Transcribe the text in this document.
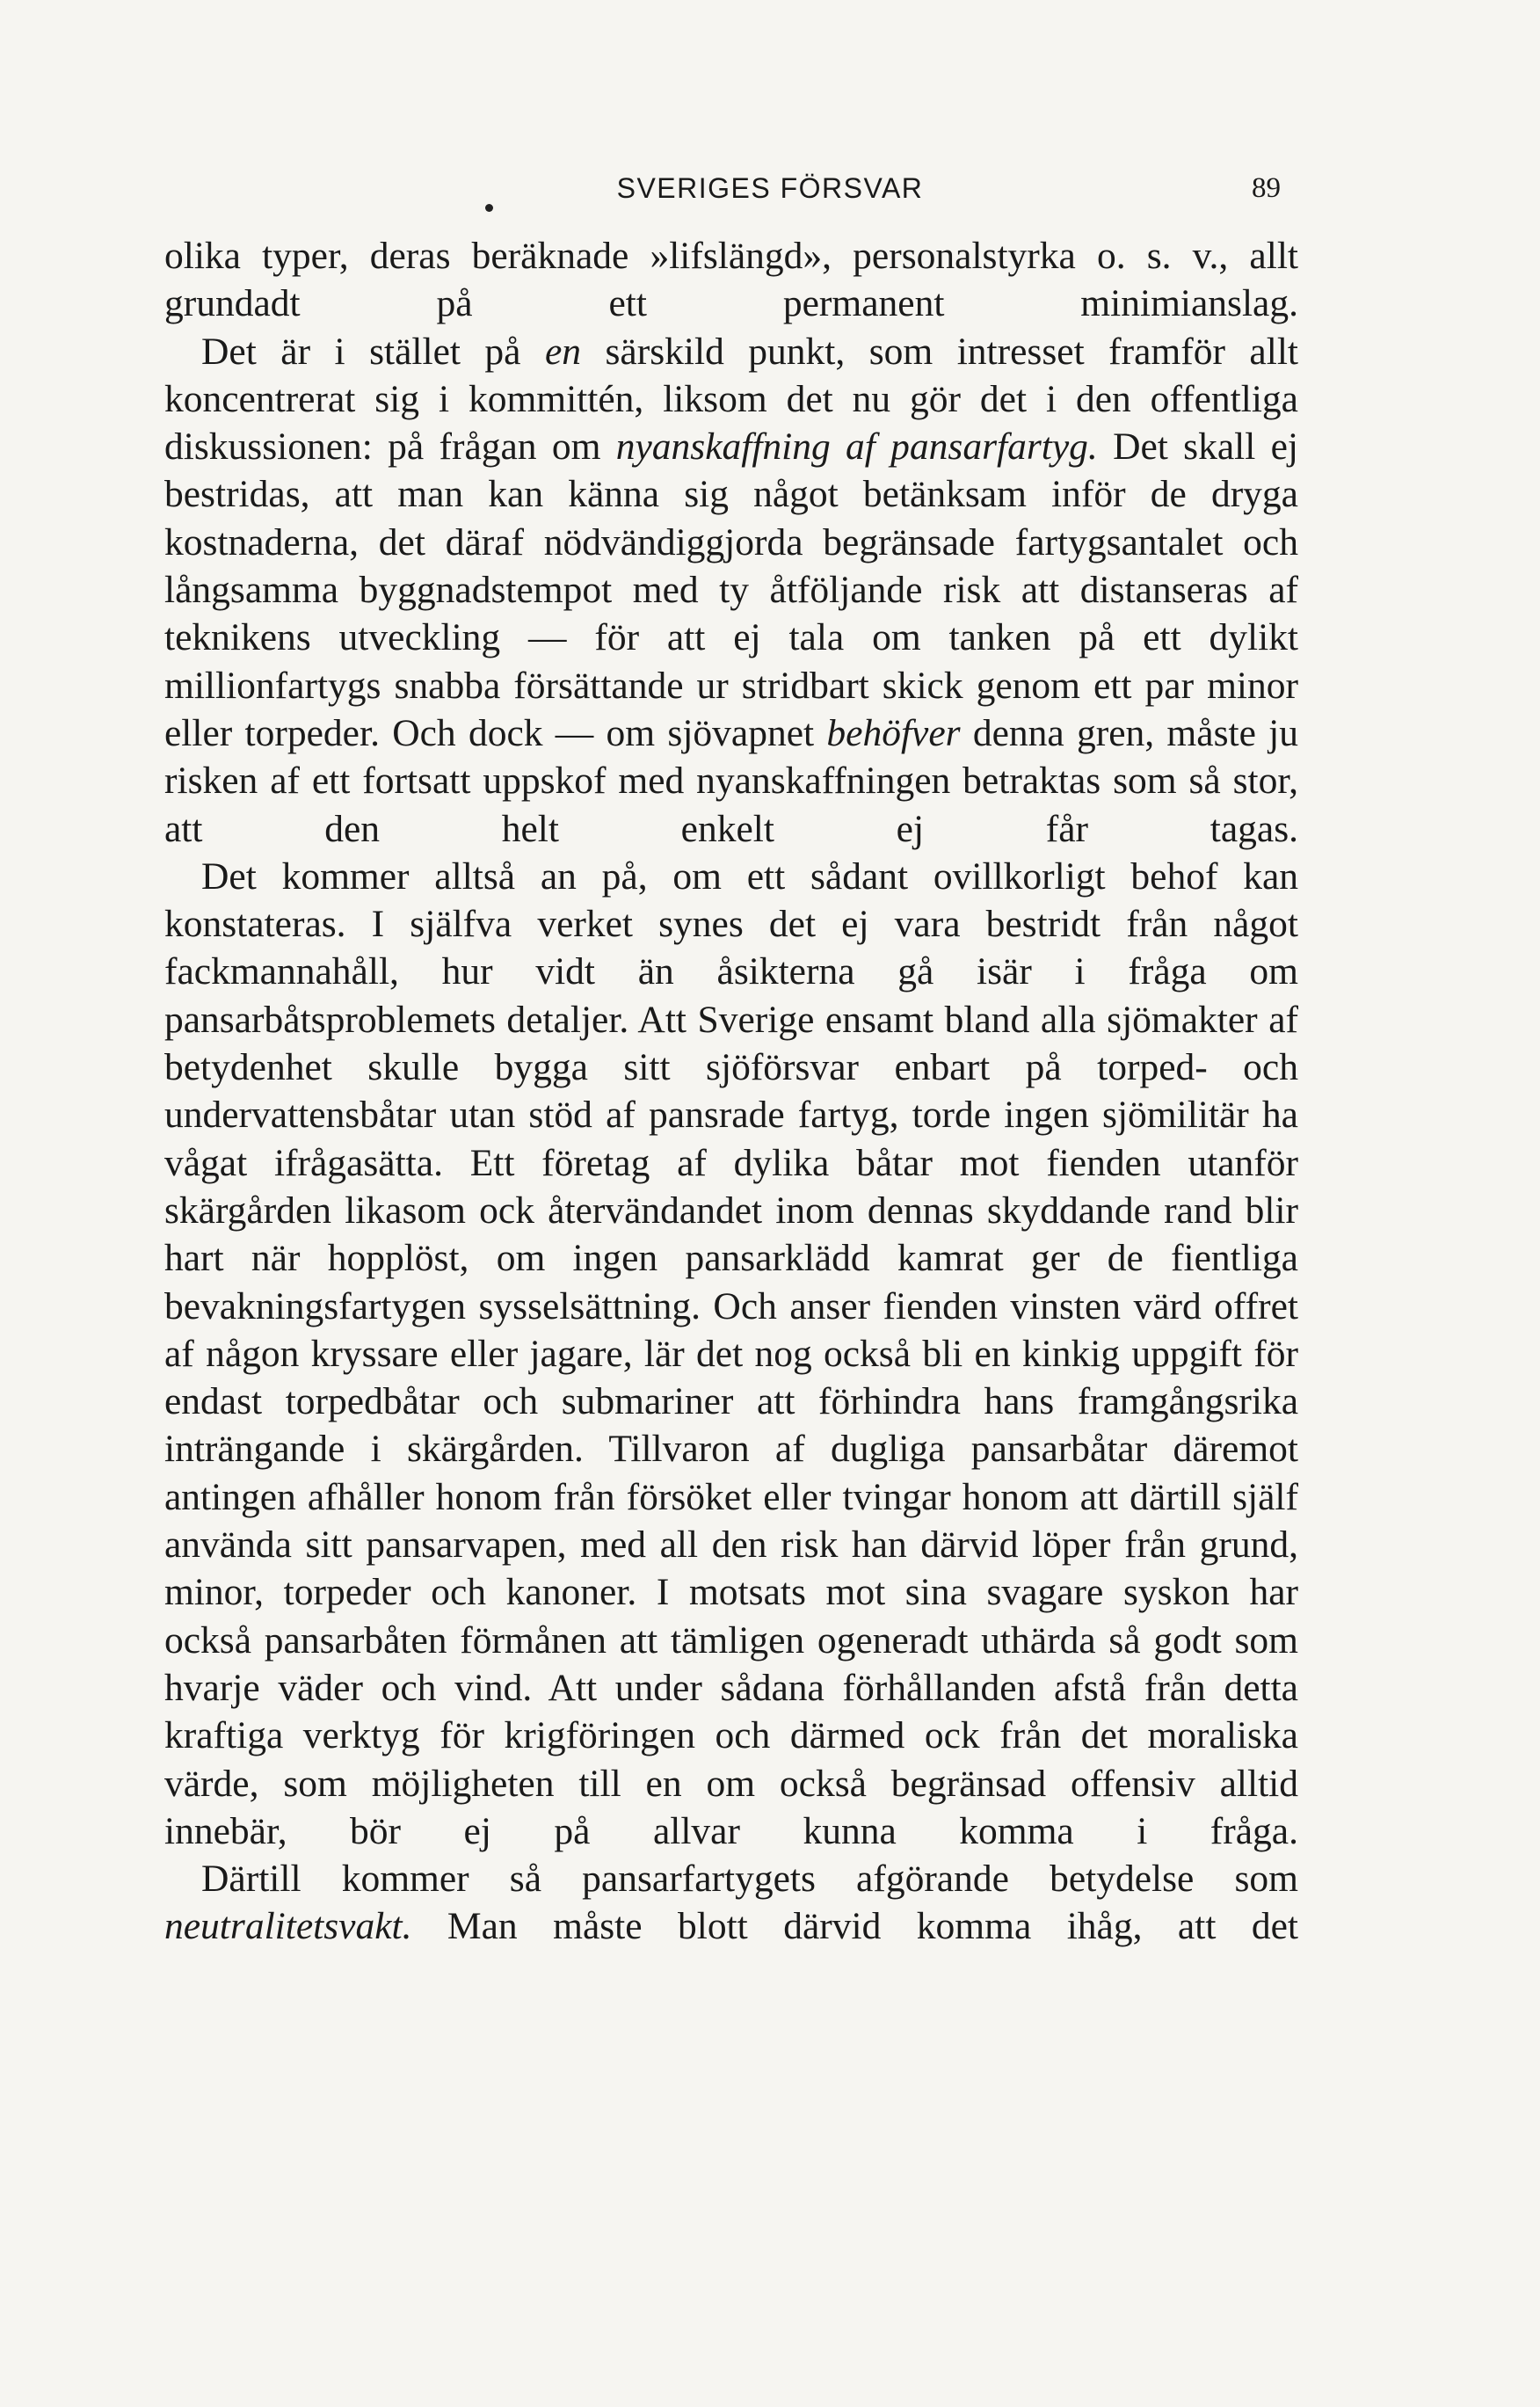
SVERIGES FÖRSVAR	89

olika typer, deras beräknade »lifslängd», personalstyrka o. s. v., allt grundadt på ett permanent minimianslag.

Det är i stället på en särskild punkt, som intresset framför allt koncentrerat sig i kommittén, liksom det nu gör det i den offentliga diskussionen: på frågan om nyanskaffning af pansarfartyg. Det skall ej bestridas, att man kan känna sig något betänksam inför de dryga kostnaderna, det däraf nödvändiggjorda begränsade fartygsantalet och långsamma byggnadstempot med ty åtföljande risk att distanseras af teknikens utveckling — för att ej tala om tanken på ett dylikt millionfartygs snabba försättande ur stridbart skick genom ett par minor eller torpeder. Och dock — om sjövapnet behöfver denna gren, måste ju risken af ett fortsatt uppskof med nyanskaffningen betraktas som så stor, att den helt enkelt ej får tagas.

Det kommer alltså an på, om ett sådant ovillkorligt behof kan konstateras. I själfva verket synes det ej vara bestridt från något fackmannahåll, hur vidt än åsikterna gå isär i fråga om pansarbåtsproblemets detaljer. Att Sverige ensamt bland alla sjömakter af betydenhet skulle bygga sitt sjöförsvar enbart på torped- och undervattensbåtar utan stöd af pansrade fartyg, torde ingen sjömilitär ha vågat ifrågasätta. Ett företag af dylika båtar mot fienden utanför skärgården likasom ock återvändandet inom dennas skyddande rand blir hart när hopplöst, om ingen pansarklädd kamrat ger de fientliga bevakningsfartygen sysselsättning. Och anser fienden vinsten värd offret af någon kryssare eller jagare, lär det nog också bli en kinkig uppgift för endast torpedbåtar och submariner att förhindra hans framgångsrika inträngande i skärgården. Tillvaron af dugliga pansarbåtar däremot antingen afhåller honom från försöket eller tvingar honom att därtill själf använda sitt pansarvapen, med all den risk han därvid löper från grund, minor, torpeder och kanoner. I motsats mot sina svagare syskon har också pansarbåten förmånen att tämligen ogeneradt uthärda så godt som hvarje väder och vind. Att under sådana förhållanden afstå från detta kraftiga verktyg för krigföringen och därmed ock från det moraliska värde, som möjligheten till en om också begränsad offensiv alltid innebär, bör ej på allvar kunna komma i fråga.

Därtill kommer så pansarfartygets afgörande betydelse som neutralitetsvakt. Man måste blott därvid komma ihåg, att det
